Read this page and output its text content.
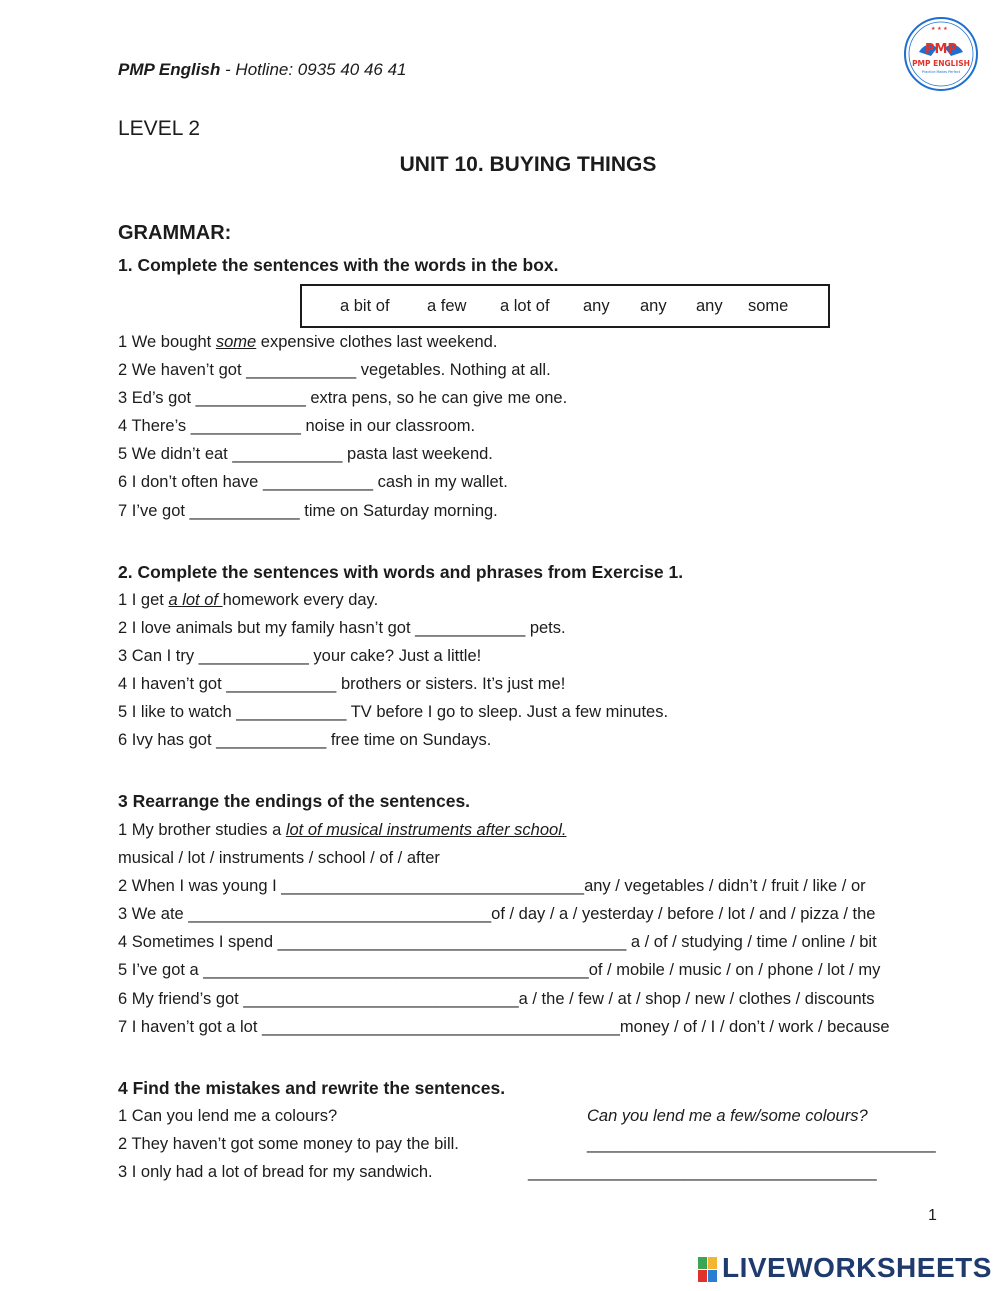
PMP English - Hotline: 0935 40 46 41
★ ★ ★
PMP
PMP ENGLISH
Practice Makes Perfect
LEVEL 2
UNIT 10. BUYING THINGS
GRAMMAR:
1. Complete the sentences with the words in the box.
a bit of a few a lot of any any any some
1 We bought some expensive clothes last weekend.
2 We haven’t got ____________ vegetables. Nothing at all.
3 Ed’s got ____________ extra pens, so he can give me one.
4 There’s ____________ noise in our classroom.
5 We didn’t eat ____________ pasta last weekend.
6 I don’t often have ____________ cash in my wallet.
7 I’ve got ____________ time on Saturday morning.
2. Complete the sentences with words and phrases from Exercise 1.
1 I get a lot of homework every day.
2 I love animals but my family hasn’t got ____________ pets.
3 Can I try ____________ your cake? Just a little!
4 I haven’t got ____________ brothers or sisters. It’s just me!
5 I like to watch ____________ TV before I go to sleep. Just a few minutes.
6 Ivy has got ____________ free time on Sundays.
3 Rearrange the endings of the sentences.
1 My brother studies a lot of musical instruments after school.
musical / lot / instruments / school / of / after
2 When I was young I _________________________________any / vegetables / didn’t / fruit / like / or
3 We ate _________________________________of / day / a / yesterday / before / lot / and / pizza / the
4 Sometimes I spend ______________________________________ a / of / studying / time / online / bit
5 I’ve got a __________________________________________of / mobile / music / on / phone / lot / my
6 My friend’s got ______________________________a / the / few / at / shop / new / clothes / discounts
7 I haven’t got a lot _______________________________________money / of / I / don’t / work / because
4 Find the mistakes and rewrite the sentences.
1 Can you lend me a colours?	Can you lend me a few/some colours?
2 They haven’t got some money to pay the bill.	______________________________________
3 I only had a lot of bread for my sandwich.	______________________________________
1
LIVEWORKSHEETS
